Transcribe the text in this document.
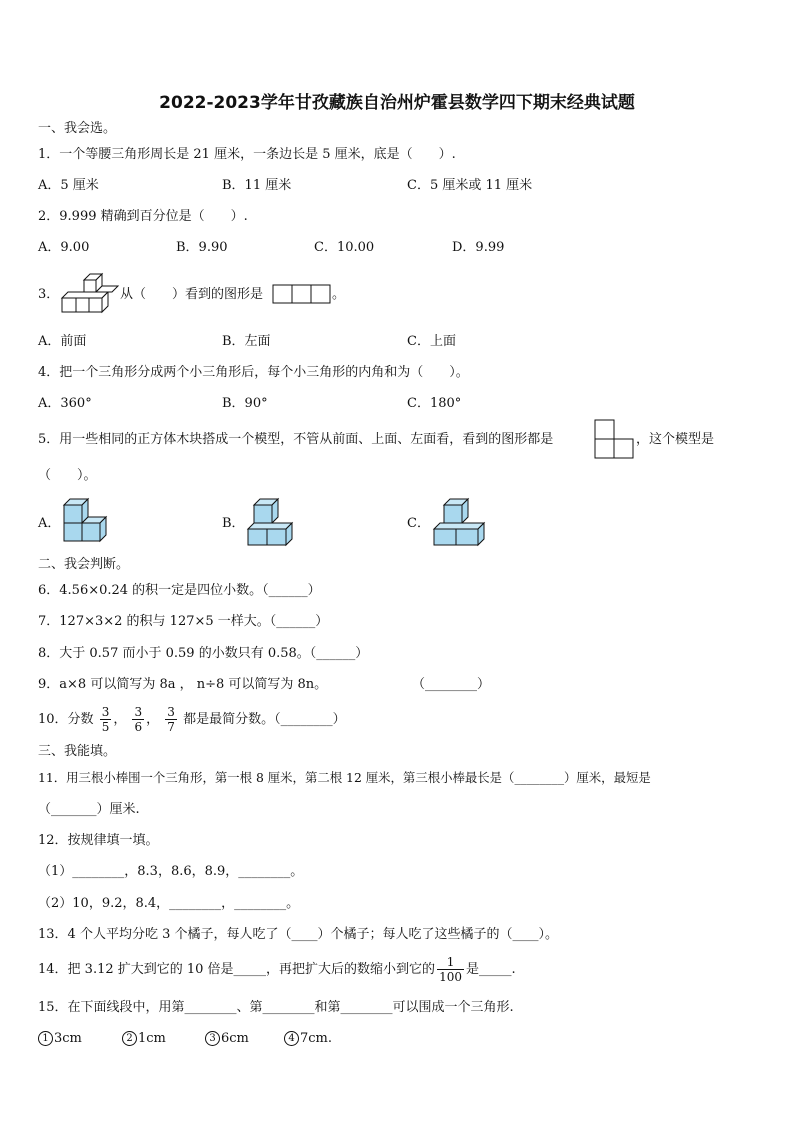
2022-2023学年甘孜藏族自治州炉霍县数学四下期末经典试题
一、我会选。
1．一个等腰三角形周长是 21 厘米，一条边长是 5 厘米，底是（　　）.
A．5 厘米	B．11 厘米	C．5 厘米或 11 厘米
2．9.999 精确到百分位是（　　）.
A．9.00	B．9.90	C．10.00	D．9.99
3．	从（　　）看到的图形是	。
A．前面	B．左面	C．上面
4．把一个三角形分成两个小三角形后，每个小三角形的内角和为（　　）。
A．360°	B．90°	C．180°
5．用一些相同的正方体木块搭成一个模型，不管从前面、上面、左面看，看到的图形都是	，这个模型是
（　　）。
A．	B．	C．
二、我会判断。
6．4.56×0.24 的积一定是四位小数。（______）
7．127×3×2 的积与 127×5 一样大。（______）
8．大于 0.57 而小于 0.59 的小数只有 0.58。（______）
9．a×8 可以简写为 8a ， n÷8 可以简写为 8n。	（________）
10．分数 $\frac{3}{5}$ ， $\frac{3}{6}$ ， $\frac{3}{7}$ 都是最简分数。（________）
三、我能填。
11．用三根小棒围一个三角形，第一根 8 厘米，第二根 12 厘米，第三根小棒最长是（________）厘米，最短是
（_______）厘米.
12．按规律填一填。
（1）________，8.3，8.6，8.9，________。
（2）10，9.2，8.4，________，________。
13．4 个人平均分吃 3 个橘子，每人吃了（____）个橘子；每人吃了这些橘子的（____）。
14．把 3.12 扩大到它的 10 倍是_____，再把扩大后的数缩小到它的 $\frac{1}{100}$ 是_____.
15．在下面线段中，用第________、第________和第________可以围成一个三角形.
1 3cm	2 1cm	3 6cm	4 7cm.
